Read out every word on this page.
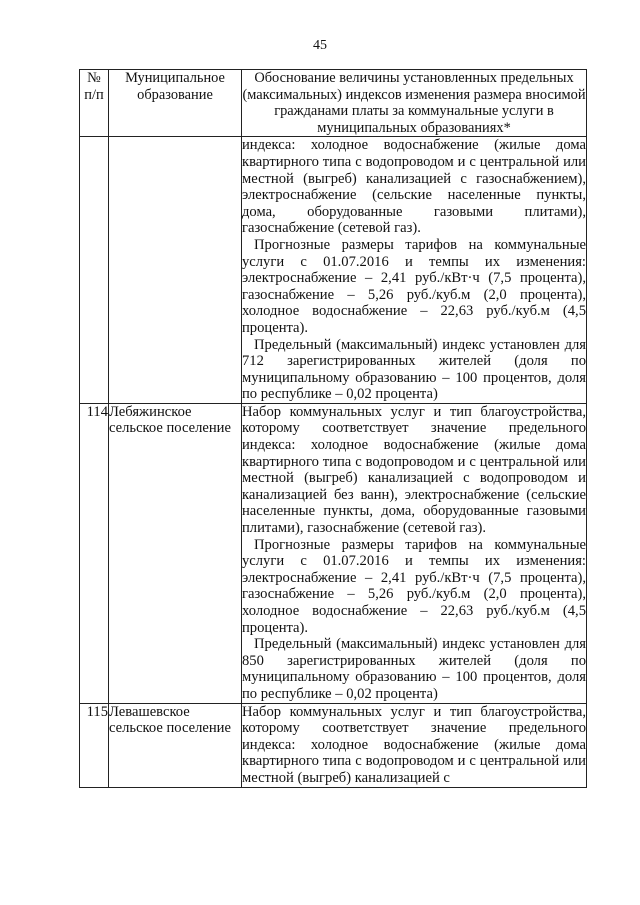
45
№ п/п	Муниципальное образование	Обоснование величины установленных предельных (максимальных) индексов изменения размера вносимой гражданами платы за коммунальные услуги в муниципальных образованиях*

		индекса: холодное водоснабжение (жилые дома квартирного типа с водопроводом и с центральной или местной (выгреб) канализацией с газоснабжением), электроснабжение (сельские населенные пункты, дома, оборудованные газовыми плитами), газоснабжение (сетевой газ).
Прогнозные размеры тарифов на коммунальные услуги с 01.07.2016 и темпы их изменения: электроснабжение – 2,41 руб./кВт·ч (7,5 процента), газоснабжение – 5,26 руб./куб.м (2,0 процента), холодное водоснабжение – 22,63 руб./куб.м (4,5 процента).
Предельный (максимальный) индекс установлен для 712 зарегистрированных жителей (доля по муниципальному образованию – 100 процентов, доля по республике – 0,02 процента)

114	Лебяжинское сельское поселение	Набор коммунальных услуг и тип благоустройства, которому соответствует значение предельного индекса: холодное водоснабжение (жилые дома квартирного типа с водопроводом и с центральной или местной (выгреб) канализацией с водопроводом и канализацией без ванн), электроснабжение (сельские населенные пункты, дома, оборудованные газовыми плитами), газоснабжение (сетевой газ).
Прогнозные размеры тарифов на коммунальные услуги с 01.07.2016 и темпы их изменения: электроснабжение – 2,41 руб./кВт·ч (7,5 процента), газоснабжение – 5,26 руб./куб.м (2,0 процента), холодное водоснабжение – 22,63 руб./куб.м (4,5 процента).
Предельный (максимальный) индекс установлен для 850 зарегистрированных жителей (доля по муниципальному образованию – 100 процентов, доля по республике – 0,02 процента)

115	Левашевское сельское поселение	Набор коммунальных услуг и тип благоустройства, которому соответствует значение предельного индекса: холодное водоснабжение (жилые дома квартирного типа с водопроводом и с центральной или местной (выгреб) канализацией с
